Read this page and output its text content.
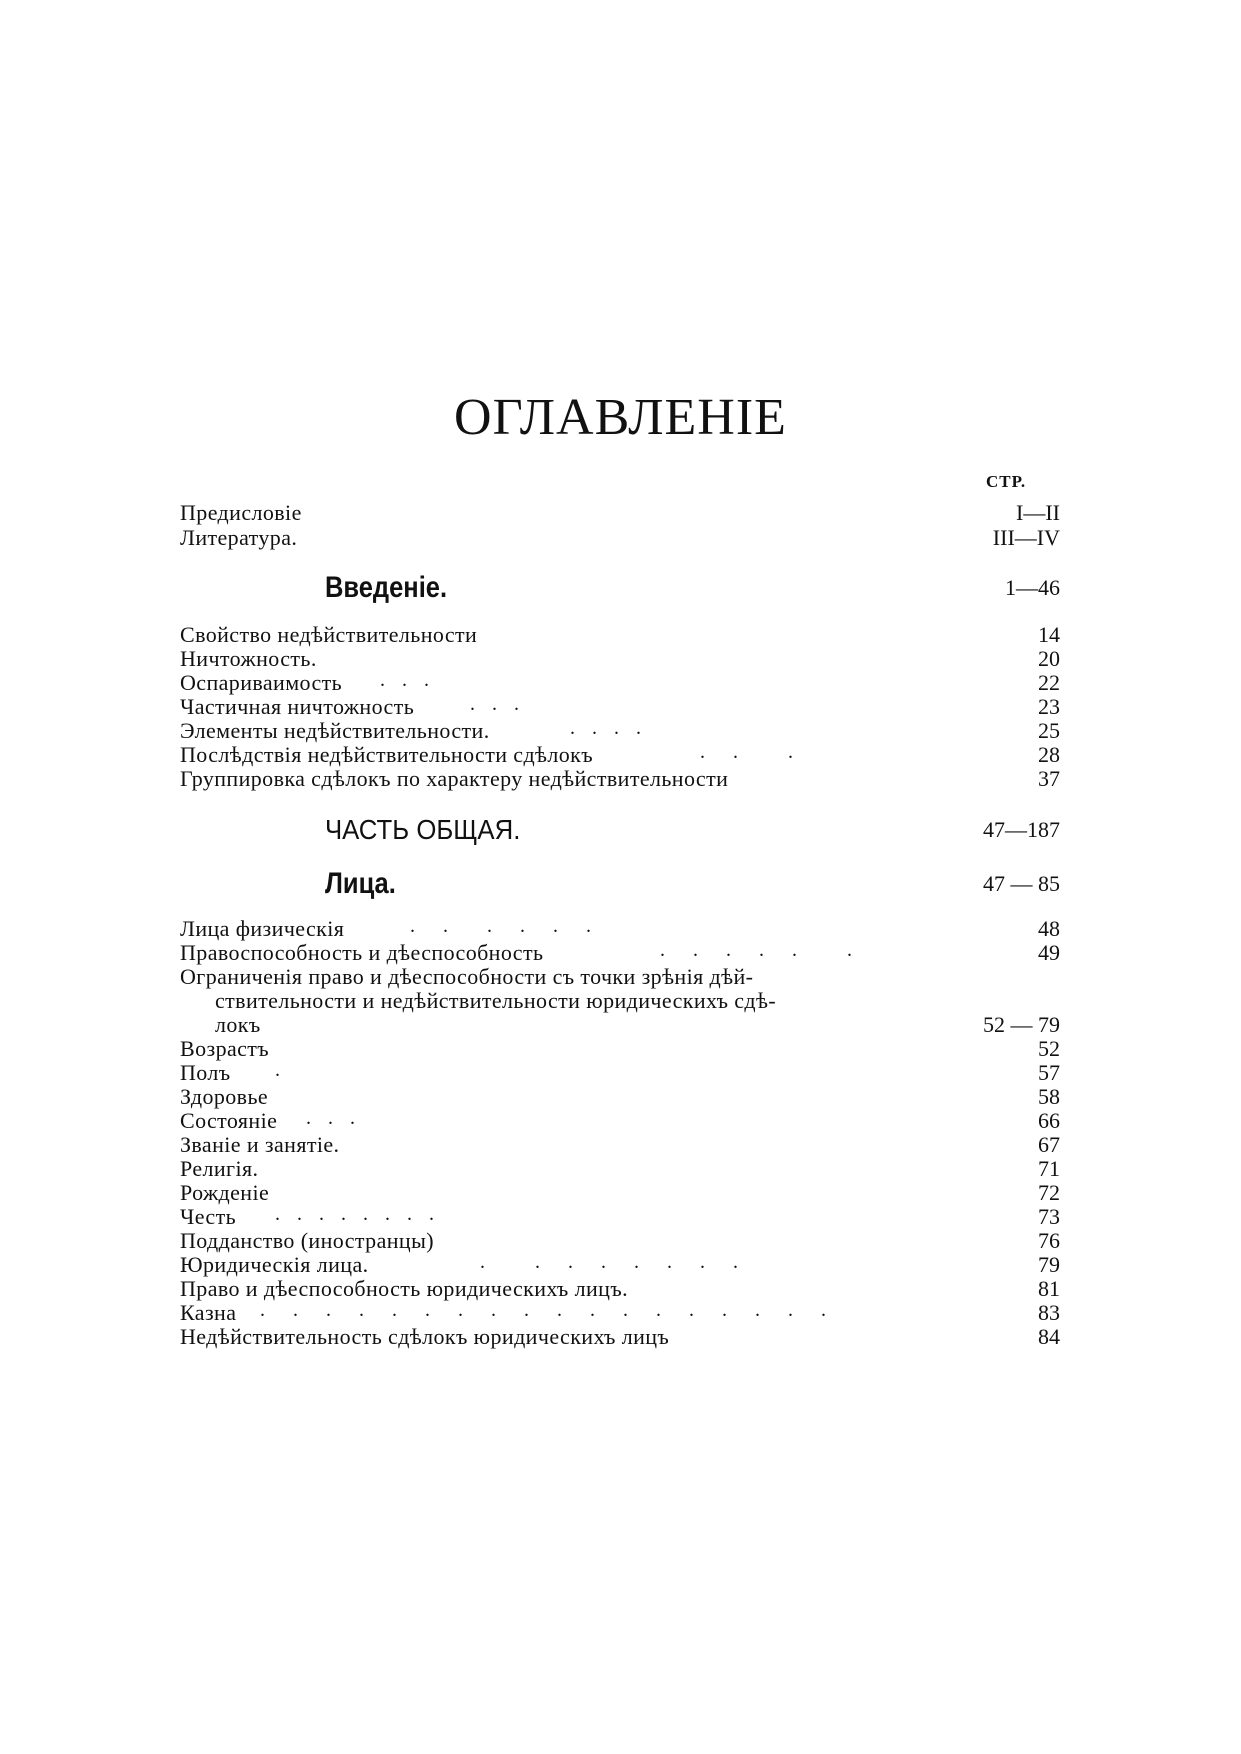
ОГЛАВЛЕНІЕ
СТР.
Предисловіе	I—II
Литература.	III—IV
Введеніе.	1—46
Свойство недѣйствительности	14
Ничтожность.	20
Оспариваимость . . .	22
Частичная ничтожность	. . .	23
Элементы недѣйствительности.	. . . .	25
Послѣдствія недѣйствительности сдѣлокъ	.  .    .	28
Группировка сдѣлокъ по характеру недѣйствительности	37
ЧАСТЬ ОБЩАЯ.	47—187
Лица.	47 — 85
Лица физическія	.  .   .  .  .  .	48
Правоспособность и дѣеспособность	.  .  .  .  .    .	49
Ограниченія право и дѣеспособности съ точки зрѣнія дѣй-
ствительности и недѣйствительности юридическихъ сдѣ-
локъ	52 — 79
Возрастъ	52
Полъ .	57
Здоровье	58
Состояніе . . .	66
Званіе и занятіе.	67
Религія.	71
Рожденіе	72
Честь . . . . . . . .	73
Подданство (иностранцы)	76
Юридическія лица.	.    .  .  .  .  .  .  .	79
Право и дѣеспособность юридическихъ лицъ.	81
Казна .  .  .  .  .  .  .  .  .  .  .  .  .  .  .  .  .  .	83
Недѣйствительность сдѣлокъ юридическихъ лицъ	84
